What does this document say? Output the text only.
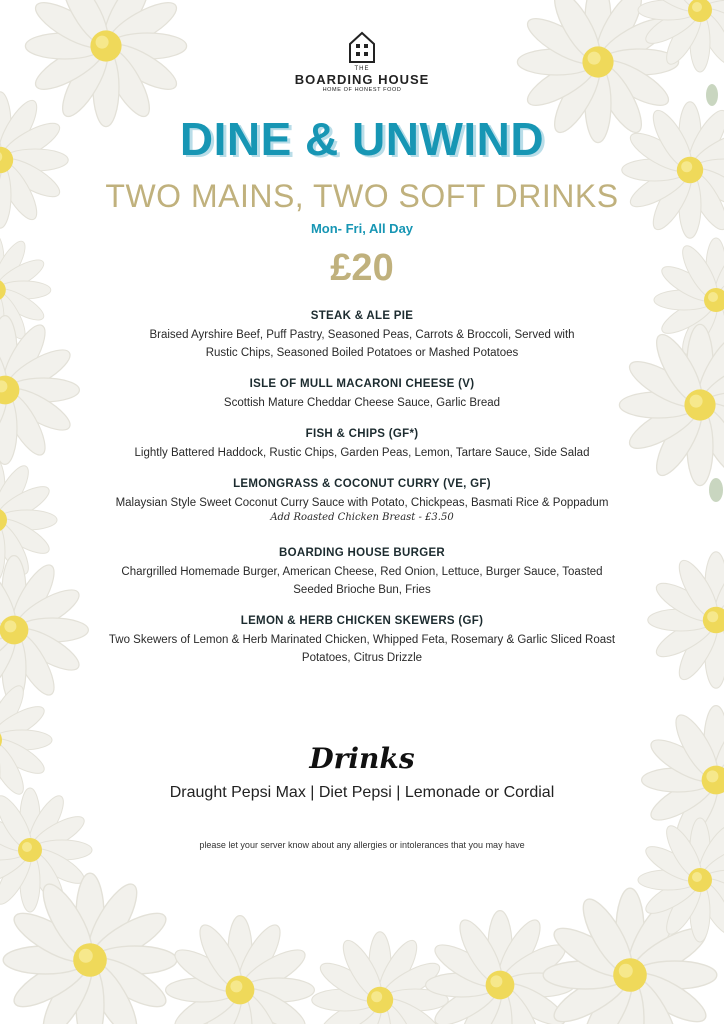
THE
BOARDING HOUSE
HOME OF HONEST FOOD
DINE & UNWIND
TWO MAINS, TWO SOFT DRINKS
Mon- Fri, All Day
£20
STEAK & ALE PIE
Braised Ayrshire Beef, Puff Pastry, Seasoned Peas, Carrots & Broccoli, Served with
Rustic Chips, Seasoned Boiled Potatoes or Mashed Potatoes
ISLE OF MULL MACARONI CHEESE (V)
Scottish Mature Cheddar Cheese Sauce, Garlic Bread
FISH & CHIPS (GF*)
Lightly Battered Haddock, Rustic Chips, Garden Peas, Lemon, Tartare Sauce, Side Salad
LEMONGRASS & COCONUT CURRY (VE, GF)
Malaysian Style Sweet Coconut Curry Sauce with Potato, Chickpeas, Basmati Rice & Poppadum
Add Roasted Chicken Breast - £3.50
BOARDING HOUSE BURGER
Chargrilled Homemade Burger, American Cheese, Red Onion, Lettuce, Burger Sauce, Toasted
Seeded Brioche Bun, Fries
LEMON & HERB CHICKEN SKEWERS (GF)
Two Skewers of Lemon & Herb Marinated Chicken, Whipped Feta, Rosemary & Garlic Sliced Roast
Potatoes, Citrus Drizzle
Drinks
Draught Pepsi Max | Diet Pepsi | Lemonade or Cordial
please let your server know about any allergies or intolerances that you may have
